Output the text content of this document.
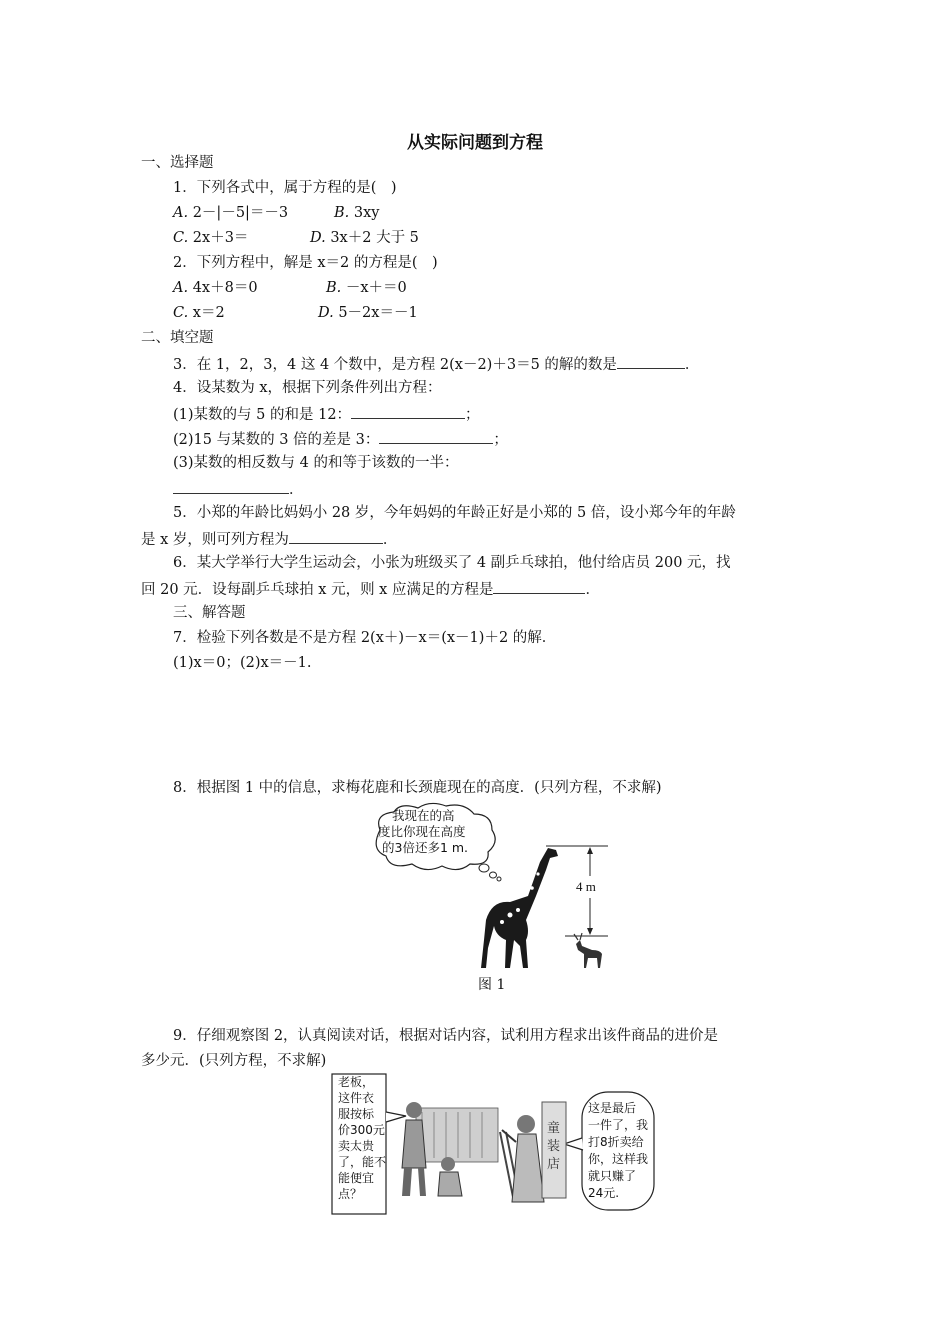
从实际问题到方程
一、选择题
1．下列各式中，属于方程的是(　)
A. 2－|－5|＝－3	B. 3xy
C. 2x＋3＝	D. 3x＋2 大于 5
2．下列方程中，解是 x＝2 的方程是(　)
A. 4x＋8＝0	B. －x＋＝0
C. x＝2	D. 5－2x＝－1
二、填空题
3．在 1，2，3，4 这 4 个数中，是方程 2(x－2)＋3＝5 的解的数是	．
4．设某数为 x，根据下列条件列出方程：
(1)某数的与 5 的和是 12：	；
(2)15 与某数的 3 倍的差是 3：	；
(3)某数的相反数与 4 的和等于该数的一半：
．
5．小郑的年龄比妈妈小 28 岁，今年妈妈的年龄正好是小郑的 5 倍，设小郑今年的年龄
是 x 岁，则可列方程为	．
6．某大学举行大学生运动会，小张为班级买了 4 副乒乓球拍，他付给店员 200 元，找
回 20 元．设每副乒乓球拍 x 元，则 x 应满足的方程是	．
三、解答题
7．检验下列各数是不是方程 2(x＋)－x＝(x－1)＋2 的解．
(1)x＝0；(2)x＝－1.
8．根据图 1 中的信息，求梅花鹿和长颈鹿现在的高度．(只列方程，不求解)
我现在的高
度比你现在高度
的3倍还多1 m.
4 m
图 1
9．仔细观察图 2，认真阅读对话，根据对话内容，试利用方程求出该件商品的进价是
多少元．(只列方程，不求解)
老板，
这件衣
服按标
价300元
卖太贵
了，能不
能便宜
点？
这是最后
一件了，我
打8折卖给
你，这样我
就只赚了
24元.
童
装
店
